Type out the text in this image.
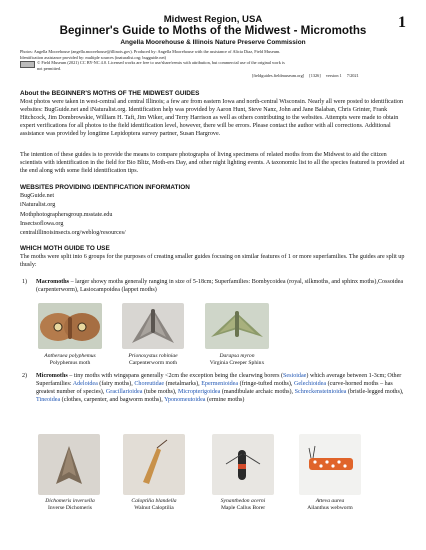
Midwest Region, USA
Beginner's Guide to Moths of the Midwest - Micromoths
Angella Moorehouse & Illinois Nature Preserve Commission
1
Photos: Angella Moorehouse (angella.moorehouse@illinois.gov). Produced by: Angella Moorehouse with the assistance of Alicia Diaz, Field Museum.
Identification assistance provided by: multiple sources (inaturalist.org; bugguide.net)
© Field Museum (2021) CC BY-NC 4.0. Licensed works are free to use/share/remix with attribution, but commercial use of the original work is not permitted.
[fieldguides.fieldmuseum.org] [1326] version 1 7/2021
About the BEGINNER'S MOTHS OF THE MIDWEST GUIDES
Most photos were taken in west-central and central Illinois; a few are from eastern Iowa and north-central Wisconsin. Nearly all were posted to identification websites: BugGuide.net and iNaturalist.org. Identification help was provided by Aaron Hunt, Steve Nanz, John and Jane Balaban, Chris Grinter, Frank Hitchcock, Jim Dombrowskie, William H. Taft, Jim Wiker, and Terry Harrison as well as others contributing to the websites. Attempts were made to obtain expert verifications for all photos to the field identification level, however, there will be errors. Please contact the author with all corrections. Additional assistance was provided by longtime Lepidoptera survey partner, Susan Hargrove.
The intention of these guides is to provide the means to compare photographs of living specimens of related moths from the Midwest to aid the citizen scientists with identification in the field for Bio Blitz, Moth-ers Day, and other night lighting events. A taxonomic list to all the species featured is provided at the end along with some field identification tips.
WEBSITES PROVIDING IDENTIFICATION INFORMATION
BugGuide.net
iNaturalist.org
Mothphotographersgroup.msstate.edu
Insectsoflowa.org
centralillinoisinsects.org/weblog/resources/
WHICH MOTH GUIDE TO USE
The moths were split into 6 groups for the purposes of creating smaller guides focusing on similar features of 1 or more superfamilies. The guides are split up thusly:
1) Macromoths – larger showy moths generally ranging in size of 5-18cm; Superfamilies: Bombycoidea (royal, silkmoths, and sphinx moths),Cossoidea (carpenterworm), Lasiocampoidea (lappet moths)
Antheraea polyphemus
Polyphemus moth
Prionoxystus robiniae
Carpenterworm moth
Darapsa myron
Virginia Creeper Sphinx
2) Micromoths – tiny moths with wingspans generally <2cm the exception being the clearwing borers (Sesioidae) which average between 1-3cm; Other Superfamilies: Adeloidea (fairy moths), Choreutidae (metalmarks), Epermenioidea (fringe-tufted moths), Gelechioidea (curve-horned moths – has greatest number of species), Gracillarioidea (tube moths), Micropterigoidea (mandibulate archaic moths), Schreckensteinioidea (bristle-legged moths), Tineoidea (clothes, carpenter, and bagworm moths), Yponomeutoidea (ermine moths)
Dichomeris inversella
Inverse Dichomeris
Caloptilia blandella
Walnut Caloptilia
Synanthedon acerni
Maple Callus Borer
Atteva aurea
Ailanthus webworm
